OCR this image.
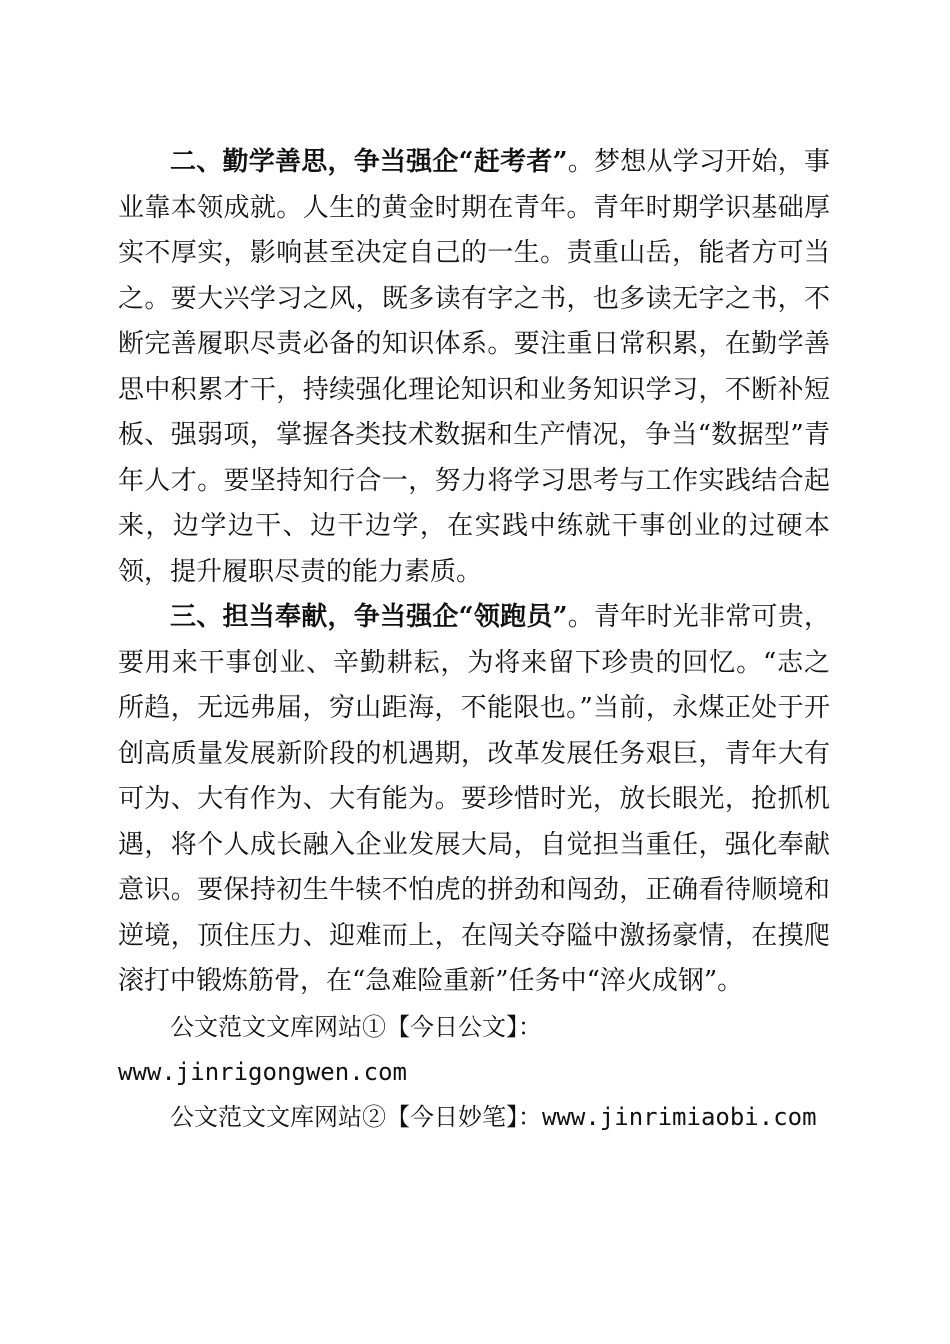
二、勤学善思，争当强企“赶考者”。梦想从学习开始，事业靠本领成就。人生的黄金时期在青年。青年时期学识基础厚实不厚实，影响甚至决定自己的一生。责重山岳，能者方可当之。要大兴学习之风，既多读有字之书，也多读无字之书，不断完善履职尽责必备的知识体系。要注重日常积累，在勤学善思中积累才干，持续强化理论知识和业务知识学习，不断补短板、强弱项，掌握各类技术数据和生产情况，争当“数据型”青年人才。要坚持知行合一，努力将学习思考与工作实践结合起来，边学边干、边干边学，在实践中练就干事创业的过硬本领，提升履职尽责的能力素质。

三、担当奉献，争当强企“领跑员”。青年时光非常可贵，要用来干事创业、辛勤耕耘，为将来留下珍贵的回忆。“志之所趋，无远弗届，穷山距海，不能限也。”当前，永煤正处于开创高质量发展新阶段的机遇期，改革发展任务艰巨，青年大有可为、大有作为、大有能为。要珍惜时光，放长眼光，抢抓机遇，将个人成长融入企业发展大局，自觉担当重任，强化奉献意识。要保持初生牛犊不怕虎的拼劲和闯劲，正确看待顺境和逆境，顶住压力、迎难而上，在闯关夺隘中激扬豪情，在摸爬滚打中锻炼筋骨，在“急难险重新”任务中“淬火成钢”。

公文范文文库网站①【今日公文】：
www.jinrigongwen.com

公文范文文库网站②【今日妙笔】：www.jinrimiaobi.com
